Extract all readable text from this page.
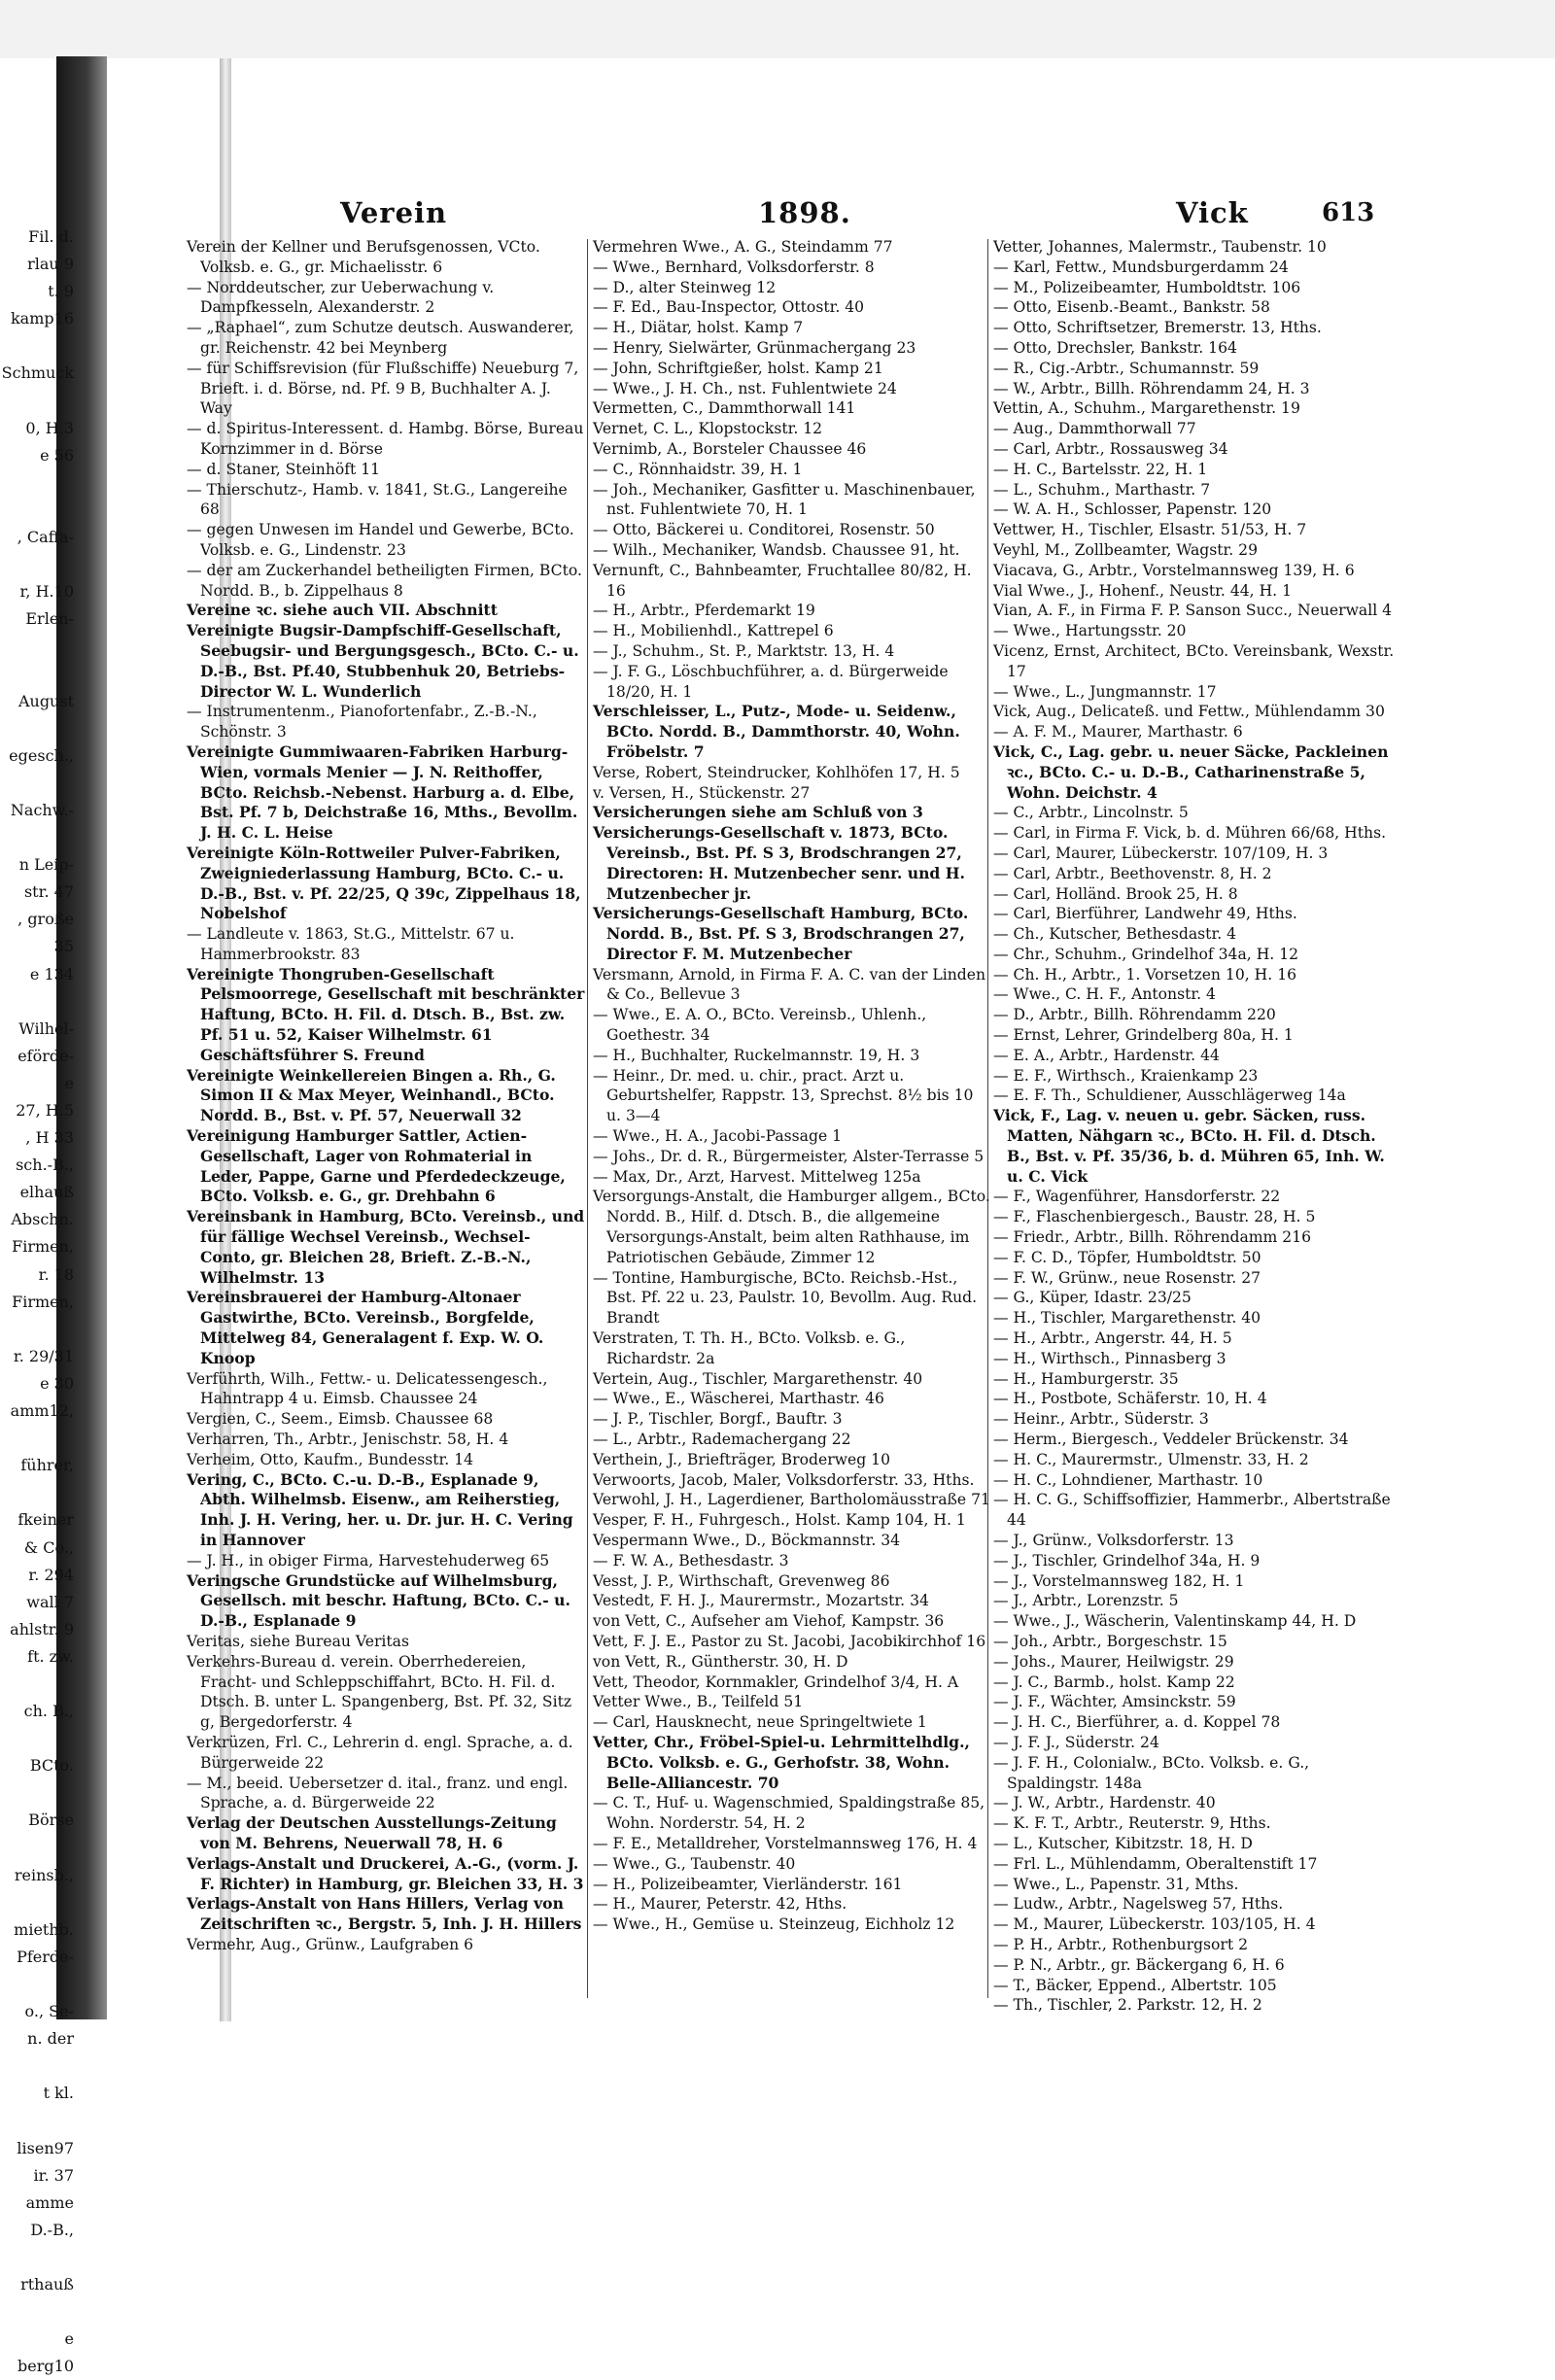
Fil. d.
rlau 9
t. 9
kamp16
Schmuck
0, H.3
e 56
, Caffa-
r, H.10
Erlen-
August
egesch.,
Nachw.-
n Leip-
str. 47
, große
35
e 134
Wilhel-
eförde-
e
27, H.5
, H 33
sch.-B.,
elhauß
Abschn.
Firmen,
r. 18
Firmen,
r. 29/31
e 30
amm12,
führer,
fkeiner
& Co.,
r. 294
wall 7
ahlstr. 9
ft. zw.
ch. B.,
BCto.
Börse
reinsb.,
miethb.
Pferde-
o., Se-
n. der
t kl.
lisen97
ir. 37
amme
D.-B.,
rthauß
e
berg10
Verein	1898.	Vick	613
Verein der Kellner und Berufsgenossen, VCto. Volksb. e. G., gr. Michaelisstr. 6
— Norddeutscher, zur Ueberwachung v. Dampfkesseln, Alexanderstr. 2
— „Raphael“, zum Schutze deutsch. Auswanderer, gr. Reichenstr. 42 bei Meynberg
— für Schiffsrevision (für Flußschiffe) Neueburg 7, Brieft. i. d. Börse, nd. Pf. 9 B, Buchhalter A. J. Way
— d. Spiritus-Interessent. d. Hambg. Börse, Bureau Kornzimmer in d. Börse
— d. Staner, Steinhöft 11
— Thierschutz-, Hamb. v. 1841, St.G., Langereihe 68
— gegen Unwesen im Handel und Gewerbe, BCto. Volksb. e. G., Lindenstr. 23
— der am Zuckerhandel betheiligten Firmen, BCto. Nordd. B., b. Zippelhaus 8
Vereine ꝛc. siehe auch VII. Abschnitt
Vereinigte Bugsir-Dampfschiff-Gesellschaft, Seebugsir- und Bergungsgesch., BCto. C.- u. D.-B., Bst. Pf.40, Stubbenhuk 20, Betriebs-Director W. L. Wunderlich
— Instrumentenm., Pianofortenfabr., Z.-B.-N., Schönstr. 3
Vereinigte Gummiwaaren-Fabriken Harburg-Wien, vormals Menier — J. N. Reithoffer, BCto. Reichsb.-Nebenst. Harburg a. d. Elbe, Bst. Pf. 7 b, Deichstraße 16, Mths., Bevollm. J. H. C. L. Heise
Vereinigte Köln-Rottweiler Pulver-Fabriken, Zweigniederlassung Hamburg, BCto. C.- u. D.-B., Bst. v. Pf. 22/25, Q 39c, Zippelhaus 18, Nobelshof
— Landleute v. 1863, St.G., Mittelstr. 67 u. Hammerbrookstr. 83
Vereinigte Thongruben-Gesellschaft Pelsmoorrege, Gesellschaft mit beschränkter Haftung, BCto. H. Fil. d. Dtsch. B., Bst. zw. Pf. 51 u. 52, Kaiser Wilhelmstr. 61 Geschäftsführer S. Freund
Vereinigte Weinkellereien Bingen a. Rh., G. Simon II & Max Meyer, Weinhandl., BCto. Nordd. B., Bst. v. Pf. 57, Neuerwall 32
Vereinigung Hamburger Sattler, Actien-Gesellschaft, Lager von Rohmaterial in Leder, Pappe, Garne und Pferdedeckzeuge, BCto. Volksb. e. G., gr. Drehbahn 6
Vereinsbank in Hamburg, BCto. Vereinsb., und für fällige Wechsel Vereinsb., Wechsel-Conto, gr. Bleichen 28, Brieft. Z.-B.-N., Wilhelmstr. 13
Vereinsbrauerei der Hamburg-Altonaer Gastwirthe, BCto. Vereinsb., Borgfelde, Mittelweg 84, Generalagent f. Exp. W. O. Knoop
Verführth, Wilh., Fettw.- u. Delicatessengesch., Hahntrapp 4 u. Eimsb. Chaussee 24
Vergien, C., Seem., Eimsb. Chaussee 68
Verharren, Th., Arbtr., Jenischstr. 58, H. 4
Verheim, Otto, Kaufm., Bundesstr. 14
Vering, C., BCto. C.-u. D.-B., Esplanade 9, Abth. Wilhelmsb. Eisenw., am Reiherstieg, Inh. J. H. Vering, her. u. Dr. jur. H. C. Vering in Hannover
— J. H., in obiger Firma, Harvestehuderweg 65
Veringsche Grundstücke auf Wilhelmsburg, Gesellsch. mit beschr. Haftung, BCto. C.- u. D.-B., Esplanade 9
Veritas, siehe Bureau Veritas
Verkehrs-Bureau d. verein. Oberrhedereien, Fracht- und Schleppschiffahrt, BCto. H. Fil. d. Dtsch. B. unter L. Spangenberg, Bst. Pf. 32, Sitz g, Bergedorferstr. 4
Verkrüzen, Frl. C., Lehrerin d. engl. Sprache, a. d. Bürgerweide 22
— M., beeid. Uebersetzer d. ital., franz. und engl. Sprache, a. d. Bürgerweide 22
Verlag der Deutschen Ausstellungs-Zeitung von M. Behrens, Neuerwall 78, H. 6
Verlags-Anstalt und Druckerei, A.-G., (vorm. J. F. Richter) in Hamburg, gr. Bleichen 33, H. 3
Verlags-Anstalt von Hans Hillers, Verlag von Zeitschriften ꝛc., Bergstr. 5, Inh. J. H. Hillers
Vermehr, Aug., Grünw., Laufgraben 6
Vermehren Wwe., A. G., Steindamm 77
— Wwe., Bernhard, Volksdorferstr. 8
— D., alter Steinweg 12
— F. Ed., Bau-Inspector, Ottostr. 40
— H., Diätar, holst. Kamp 7
— Henry, Sielwärter, Grünmachergang 23
— John, Schriftgießer, holst. Kamp 21
— Wwe., J. H. Ch., nst. Fuhlentwiete 24
Vermetten, C., Dammthorwall 141
Vernet, C. L., Klopstockstr. 12
Vernimb, A., Borsteler Chaussee 46
— C., Rönnhaidstr. 39, H. 1
— Joh., Mechaniker, Gasfitter u. Maschinenbauer, nst. Fuhlentwiete 70, H. 1
— Otto, Bäckerei u. Conditorei, Rosenstr. 50
— Wilh., Mechaniker, Wandsb. Chaussee 91, ht.
Vernunft, C., Bahnbeamter, Fruchtallee 80/82, H. 16
— H., Arbtr., Pferdemarkt 19
— H., Mobilienhdl., Kattrepel 6
— J., Schuhm., St. P., Marktstr. 13, H. 4
— J. F. G., Löschbuchführer, a. d. Bürgerweide 18/20, H. 1
Verschleisser, L., Putz-, Mode- u. Seidenw., BCto. Nordd. B., Dammthorstr. 40, Wohn. Fröbelstr. 7
Verse, Robert, Steindrucker, Kohlhöfen 17, H. 5
v. Versen, H., Stückenstr. 27
Versicherungen siehe am Schluß von 3
Versicherungs-Gesellschaft v. 1873, BCto. Vereinsb., Bst. Pf. S 3, Brodschrangen 27, Directoren: H. Mutzenbecher senr. und H. Mutzenbecher jr.
Versicherungs-Gesellschaft Hamburg, BCto. Nordd. B., Bst. Pf. S 3, Brodschrangen 27, Director F. M. Mutzenbecher
Versmann, Arnold, in Firma F. A. C. van der Linden & Co., Bellevue 3
— Wwe., E. A. O., BCto. Vereinsb., Uhlenh., Goethestr. 34
— H., Buchhalter, Ruckelmannstr. 19, H. 3
— Heinr., Dr. med. u. chir., pract. Arzt u. Geburtshelfer, Rappstr. 13, Sprechst. 8½ bis 10 u. 3—4
— Wwe., H. A., Jacobi-Passage 1
— Johs., Dr. d. R., Bürgermeister, Alster-Terrasse 5
— Max, Dr., Arzt, Harvest. Mittelweg 125a
Versorgungs-Anstalt, die Hamburger allgem., BCto. Nordd. B., Hilf. d. Dtsch. B., die allgemeine Versorgungs-Anstalt, beim alten Rathhause, im Patriotischen Gebäude, Zimmer 12
— Tontine, Hamburgische, BCto. Reichsb.-Hst., Bst. Pf. 22 u. 23, Paulstr. 10, Bevollm. Aug. Rud. Brandt
Verstraten, T. Th. H., BCto. Volksb. e. G., Richardstr. 2a
Vertein, Aug., Tischler, Margarethenstr. 40
— Wwe., E., Wäscherei, Marthastr. 46
— J. P., Tischler, Borgf., Bauftr. 3
— L., Arbtr., Rademachergang 22
Verthein, J., Briefträger, Broderweg 10
Verwoorts, Jacob, Maler, Volksdorferstr. 33, Hths.
Verwohl, J. H., Lagerdiener, Bartholomäusstraße 71
Vesper, F. H., Fuhrgesch., Holst. Kamp 104, H. 1
Vespermann Wwe., D., Böckmannstr. 34
— F. W. A., Bethesdastr. 3
Vesst, J. P., Wirthschaft, Grevenweg 86
Vestedt, F. H. J., Maurermstr., Mozartstr. 34
von Vett, C., Aufseher am Viehof, Kampstr. 36
Vett, F. J. E., Pastor zu St. Jacobi, Jacobikirchhof 16
von Vett, R., Güntherstr. 30, H. D
Vett, Theodor, Kornmakler, Grindelhof 3/4, H. A
Vetter Wwe., B., Teilfeld 51
— Carl, Hausknecht, neue Springeltwiete 1
Vetter, Chr., Fröbel-Spiel-u. Lehrmittelhdlg., BCto. Volksb. e. G., Gerhofstr. 38, Wohn. Belle-Alliancestr. 70
— C. T., Huf- u. Wagenschmied, Spaldingstraße 85, Wohn. Norderstr. 54, H. 2
— F. E., Metalldreher, Vorstelmannsweg 176, H. 4
— Wwe., G., Taubenstr. 40
— H., Polizeibeamter, Vierländerstr. 161
— H., Maurer, Peterstr. 42, Hths.
— Wwe., H., Gemüse u. Steinzeug, Eichholz 12
Vetter, Johannes, Malermstr., Taubenstr. 10
— Karl, Fettw., Mundsburgerdamm 24
— M., Polizeibeamter, Humboldtstr. 106
— Otto, Eisenb.-Beamt., Bankstr. 58
— Otto, Schriftsetzer, Bremerstr. 13, Hths.
— Otto, Drechsler, Bankstr. 164
— R., Cig.-Arbtr., Schumannstr. 59
— W., Arbtr., Billh. Röhrendamm 24, H. 3
Vettin, A., Schuhm., Margarethenstr. 19
— Aug., Dammthorwall 77
— Carl, Arbtr., Rossausweg 34
— H. C., Bartelsstr. 22, H. 1
— L., Schuhm., Marthastr. 7
— W. A. H., Schlosser, Papenstr. 120
Vettwer, H., Tischler, Elsastr. 51/53, H. 7
Veyhl, M., Zollbeamter, Wagstr. 29
Viacava, G., Arbtr., Vorstelmannsweg 139, H. 6
Vial Wwe., J., Hohenf., Neustr. 44, H. 1
Vian, A. F., in Firma F. P. Sanson Succ., Neuerwall 4
— Wwe., Hartungsstr. 20
Vicenz, Ernst, Architect, BCto. Vereinsbank, Wexstr. 17
— Wwe., L., Jungmannstr. 17
Vick, Aug., Delicateß. und Fettw., Mühlendamm 30
— A. F. M., Maurer, Marthastr. 6
Vick, C., Lag. gebr. u. neuer Säcke, Packleinen ꝛc., BCto. C.- u. D.-B., Catharinenstraße 5, Wohn. Deichstr. 4
— C., Arbtr., Lincolnstr. 5
— Carl, in Firma F. Vick, b. d. Mühren 66/68, Hths.
— Carl, Maurer, Lübeckerstr. 107/109, H. 3
— Carl, Arbtr., Beethovenstr. 8, H. 2
— Carl, Holländ. Brook 25, H. 8
— Carl, Bierführer, Landwehr 49, Hths.
— Ch., Kutscher, Bethesdastr. 4
— Chr., Schuhm., Grindelhof 34a, H. 12
— Ch. H., Arbtr., 1. Vorsetzen 10, H. 16
— Wwe., C. H. F., Antonstr. 4
— D., Arbtr., Billh. Röhrendamm 220
— Ernst, Lehrer, Grindelberg 80a, H. 1
— E. A., Arbtr., Hardenstr. 44
— E. F., Wirthsch., Kraienkamp 23
— E. F. Th., Schuldiener, Ausschlägerweg 14a
Vick, F., Lag. v. neuen u. gebr. Säcken, russ. Matten, Nähgarn ꝛc., BCto. H. Fil. d. Dtsch. B., Bst. v. Pf. 35/36, b. d. Mühren 65, Inh. W. u. C. Vick
— F., Wagenführer, Hansdorferstr. 22
— F., Flaschenbiergesch., Baustr. 28, H. 5
— Friedr., Arbtr., Billh. Röhrendamm 216
— F. C. D., Töpfer, Humboldtstr. 50
— F. W., Grünw., neue Rosenstr. 27
— G., Küper, Idastr. 23/25
— H., Tischler, Margarethenstr. 40
— H., Arbtr., Angerstr. 44, H. 5
— H., Wirthsch., Pinnasberg 3
— H., Hamburgerstr. 35
— H., Postbote, Schäferstr. 10, H. 4
— Heinr., Arbtr., Süderstr. 3
— Herm., Biergesch., Veddeler Brückenstr. 34
— H. C., Maurermstr., Ulmenstr. 33, H. 2
— H. C., Lohndiener, Marthastr. 10
— H. C. G., Schiffsoffizier, Hammerbr., Albertstraße 44
— J., Grünw., Volksdorferstr. 13
— J., Tischler, Grindelhof 34a, H. 9
— J., Vorstelmannsweg 182, H. 1
— J., Arbtr., Lorenzstr. 5
— Wwe., J., Wäscherin, Valentinskamp 44, H. D
— Joh., Arbtr., Borgeschstr. 15
— Johs., Maurer, Heilwigstr. 29
— J. C., Barmb., holst. Kamp 22
— J. F., Wächter, Amsinckstr. 59
— J. H. C., Bierführer, a. d. Koppel 78
— J. F. J., Süderstr. 24
— J. F. H., Colonialw., BCto. Volksb. e. G., Spaldingstr. 148a
— J. W., Arbtr., Hardenstr. 40
— K. F. T., Arbtr., Reuterstr. 9, Hths.
— L., Kutscher, Kibitzstr. 18, H. D
— Frl. L., Mühlendamm, Oberaltenstift 17
— Wwe., L., Papenstr. 31, Mths.
— Ludw., Arbtr., Nagelsweg 57, Hths.
— M., Maurer, Lübeckerstr. 103/105, H. 4
— P. H., Arbtr., Rothenburgsort 2
— P. N., Arbtr., gr. Bäckergang 6, H. 6
— T., Bäcker, Eppend., Albertstr. 105
— Th., Tischler, 2. Parkstr. 12, H. 2
